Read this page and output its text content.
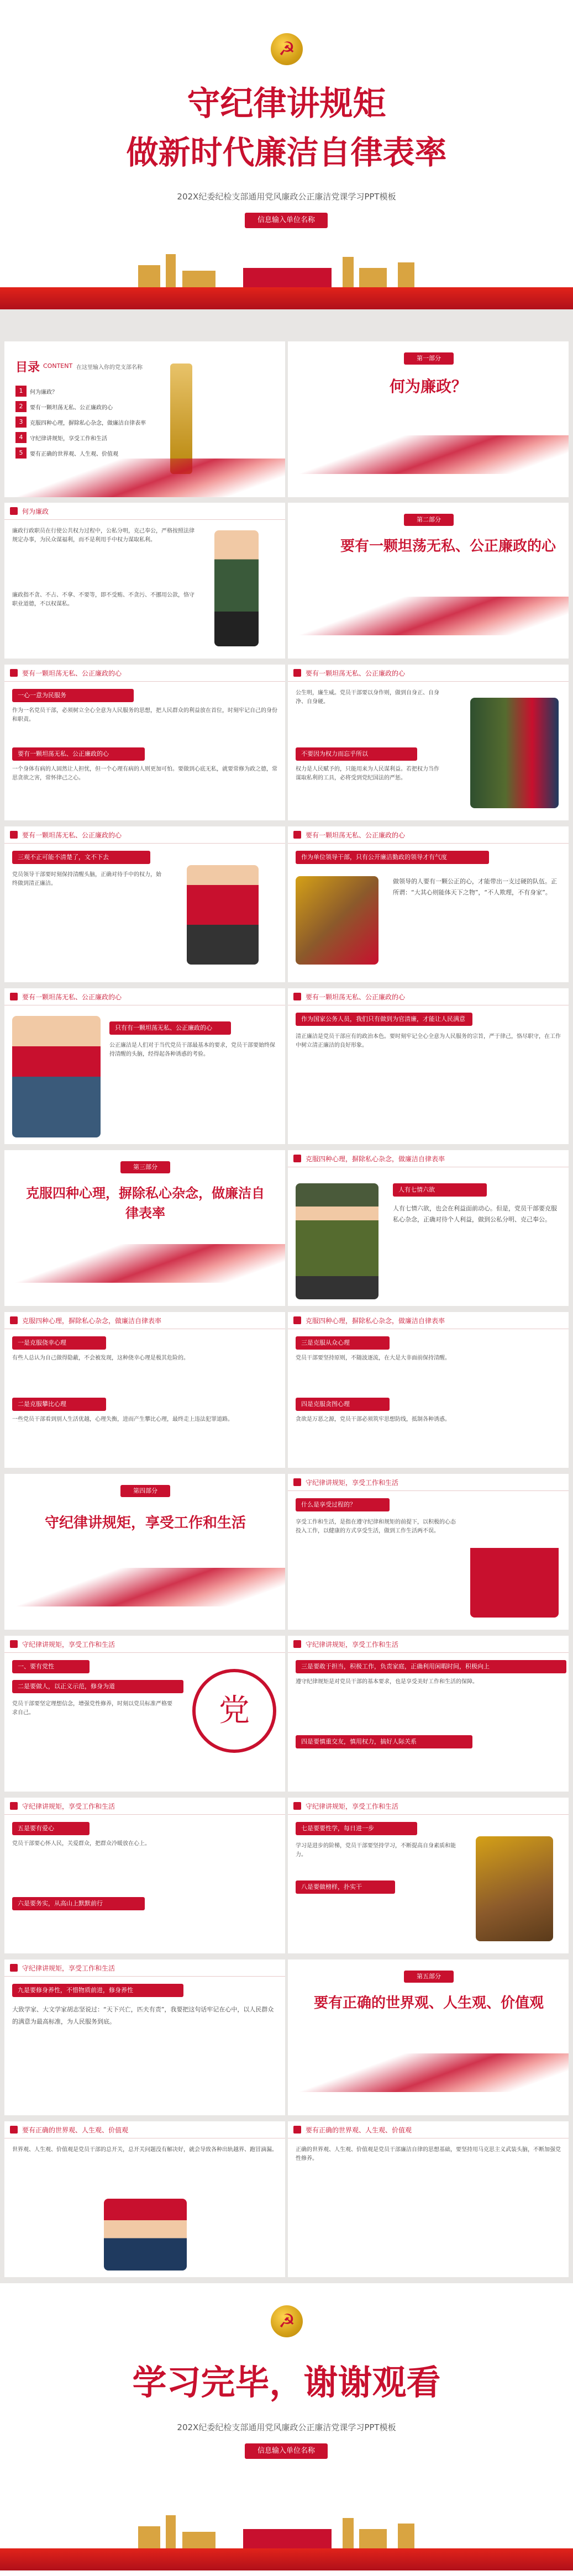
☭
守纪律讲规矩
做新时代廉洁自律表率
202X纪委纪检支部通用党风廉政公正廉洁党课学习PPT模板
信息输入单位名称
目录 CONTENT 在这里输入你的党支部名称
1	何为廉政？
2	要有一颗坦荡无私、公正廉政的心
3	克服四种心理，摒除私心杂念，做廉洁自律表率
4	守纪律讲规矩，享受工作和生活
5	要有正确的世界观、人生观、价值观
第一部分
何为廉政？
何为廉政
廉政行政职员在行使公共权力过程中，公私分明，克己奉公，严格按照法律规定办事，为民众谋福利，而不是利用手中权力谋取私利。
廉政指不贪、不占、不拿、不要等，即不受贿、不贪污、不挪用公款，恪守职业道德，不以权谋私。
第二部分
要有一颗坦荡无私、公正廉政的心
要有一颗坦荡无私、公正廉政的心
一心一意为民服务
作为一名党员干部，必须树立全心全意为人民服务的思想，把人民群众的利益放在首位，时刻牢记自己的身份和职责。
要有一颗坦荡无私、公正廉政的心
一个身体有病的人固然让人担忧，但一个心理有病的人则更加可怕。要做到心底无私，就要常修为政之德，常思贪欲之害，常怀律己之心。
要有一颗坦荡无私、公正廉政的心
公生明，廉生威。党员干部要以身作则，做到自身正、自身净、自身硬。
不要因为权力而忘乎所以
权力是人民赋予的，只能用来为人民谋利益。若把权力当作谋取私利的工具，必将受到党纪国法的严惩。
要有一颗坦荡无私、公正廉政的心
三观不正可能不清楚了，文不下去
党员领导干部要时刻保持清醒头脑，正确对待手中的权力，始终做到清正廉洁。
要有一颗坦荡无私、公正廉政的心
作为单位领导干部，只有公开廉洁勤政的领导才有气度
做领导的人要有一颗公正的心，才能带出一支过硬的队伍。正所谓：“大其心则能体天下之物”，“不人欺理，不有身家”。
要有一颗坦荡无私、公正廉政的心
只有有一颗坦荡无私、公正廉政的心
公正廉洁是人们对于当代党员干部最基本的要求，党员干部要始终保持清醒的头脑，经得起各种诱惑的考验。
要有一颗坦荡无私、公正廉政的心
作为国家公务人员，我们只有做到为官清廉，才能让人民满意
清正廉洁是党员干部应有的政治本色。要时刻牢记全心全意为人民服务的宗旨，严于律己，恪尽职守，在工作中树立清正廉洁的良好形象。
第三部分
克服四种心理，摒除私心杂念，做廉洁自律表率
克服四种心理，摒除私心杂念，做廉洁自律表率
人有七情六欲
人有七情六欲，也会在利益面前动心。但是，党员干部要克服私心杂念，正确对待个人利益，做到公私分明、克己奉公。
克服四种心理，摒除私心杂念，做廉洁自律表率
一是克服侥幸心理
有些人总认为自己做得隐蔽，不会被发现，这种侥幸心理是极其危险的。
二是克服攀比心理
一些党员干部看到别人生活优越，心理失衡，进而产生攀比心理，最终走上违法犯罪道路。
克服四种心理，摒除私心杂念，做廉洁自律表率
三是克服从众心理
党员干部要坚持原则，不随波逐流，在大是大非面前保持清醒。
四是克服贪图心理
贪欲是万恶之源，党员干部必须筑牢思想防线，抵制各种诱惑。
第四部分
守纪律讲规矩，享受工作和生活
守纪律讲规矩，享受工作和生活
什么是享受过程的？
享受工作和生活，是指在遵守纪律和规矩的前提下，以积极的心态投入工作，以健康的方式享受生活，做到工作生活两不误。
守纪律讲规矩，享受工作和生活
一、要有党性
二是要做人，以正义示范，修身为道
党员干部要坚定理想信念，增强党性修养，时刻以党员标准严格要求自己。	党
守纪律讲规矩，享受工作和生活
三是要敢于担当，积极工作，负责家庭，正确利用闲暇时间，积极向上
遵守纪律规矩是对党员干部的基本要求，也是享受美好工作和生活的保障。
四是要慎重交友，慎用权力，搞好人际关系
守纪律讲规矩，享受工作和生活
五是要有爱心
党员干部要心怀人民，关爱群众，把群众冷暖放在心上。
六是要务实，从高山上默默前行
守纪律讲规矩，享受工作和生活
七是要要性学，每日进一步
八是要做榜样，扑实干
学习是进步的阶梯，党员干部要坚持学习，不断提高自身素质和能力。
守纪律讲规矩，享受工作和生活
九是要修身养性，不惜物质前进，修身养性
大致学家、大文学家胡志坚说过：“天下兴亡，匹夫有责”，我要把这句话牢记在心中，以人民群众的满意为最高标准，为人民服务到底。
第五部分
要有正确的世界观、人生观、价值观
要有正确的世界观、人生观、价值观
世界观、人生观、价值观是党员干部的总开关，总开关问题没有解决好，就会导致各种出轨越界、跑冒滴漏。
要有正确的世界观、人生观、价值观
正确的世界观、人生观、价值观是党员干部廉洁自律的思想基础，要坚持用马克思主义武装头脑，不断加强党性修养。
☭
学习完毕，谢谢观看
202X纪委纪检支部通用党风廉政公正廉洁党课学习PPT模板
信息输入单位名称
